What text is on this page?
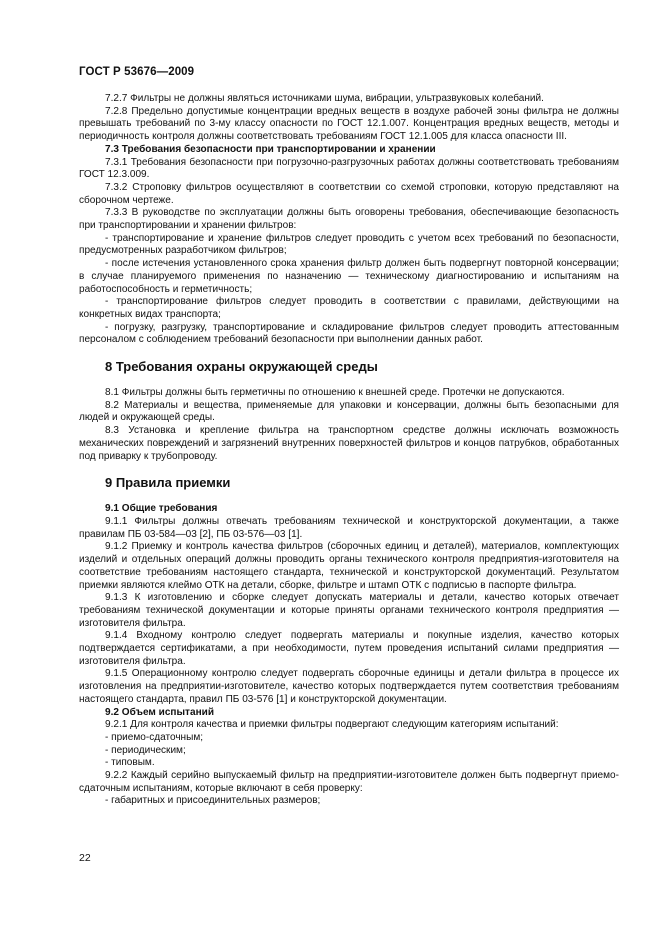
ГОСТ Р 53676—2009

7.2.7 Фильтры не должны являться источниками шума, вибрации, ультразвуковых колебаний.

7.2.8 Предельно допустимые концентрации вредных веществ в воздухе рабочей зоны фильтра не должны превышать требований по 3-му классу опасности по ГОСТ 12.1.007. Концентрация вредных веществ, методы и периодичность контроля должны соответствовать требованиям ГОСТ 12.1.005 для класса опасности III.

7.3 Требования безопасности при транспортировании и хранении

7.3.1 Требования безопасности при погрузочно-разгрузочных работах должны соответствовать требованиям ГОСТ 12.3.009.

7.3.2 Строповку фильтров осуществляют в соответствии со схемой строповки, которую представляют на сборочном чертеже.

7.3.3 В руководстве по эксплуатации должны быть оговорены требования, обеспечивающие безопасность при транспортировании и хранении фильтров:

- транспортирование и хранение фильтров следует проводить с учетом всех требований по безопасности, предусмотренных разработчиком фильтров;

- после истечения установленного срока хранения фильтр должен быть подвергнут повторной консервации; в случае планируемого применения по назначению — техническому диагностированию и испытаниям на работоспособность и герметичность;

- транспортирование фильтров следует проводить в соответствии с правилами, действующими на конкретных видах транспорта;

- погрузку, разгрузку, транспортирование и складирование фильтров следует проводить аттестованным персоналом с соблюдением требований безопасности при выполнении данных работ.

8 Требования охраны окружающей среды

8.1 Фильтры должны быть герметичны по отношению к внешней среде. Протечки не допускаются.

8.2 Материалы и вещества, применяемые для упаковки и консервации, должны быть безопасными для людей и окружающей среды.

8.3 Установка и крепление фильтра на транспортном средстве должны исключать возможность механических повреждений и загрязнений внутренних поверхностей фильтров и концов патрубков, обработанных под приварку к трубопроводу.

9 Правила приемки

9.1 Общие требования

9.1.1 Фильтры должны отвечать требованиям технической и конструкторской документации, а также правилам ПБ 03-584—03 [2], ПБ 03-576—03 [1].

9.1.2 Приемку и контроль качества фильтров (сборочных единиц и деталей), материалов, комплектующих изделий и отдельных операций должны проводить органы технического контроля предприятия-изготовителя на соответствие требованиям настоящего стандарта, технической и конструкторской документаций. Результатом приемки являются клеймо ОТК на детали, сборке, фильтре и штамп ОТК с подписью в паспорте фильтра.

9.1.3 К изготовлению и сборке следует допускать материалы и детали, качество которых отвечает требованиям технической документации и которые приняты органами технического контроля предприятия — изготовителя фильтра.

9.1.4 Входному контролю следует подвергать материалы и покупные изделия, качество которых подтверждается сертификатами, а при необходимости, путем проведения испытаний силами предприятия — изготовителя фильтра.

9.1.5 Операционному контролю следует подвергать сборочные единицы и детали фильтра в процессе их изготовления на предприятии-изготовителе, качество которых подтверждается путем соответствия требованиям настоящего стандарта, правил ПБ 03-576 [1] и конструкторской документации.

9.2 Объем испытаний

9.2.1 Для контроля качества и приемки фильтры подвергают следующим категориям испытаний:

- приемо-сдаточным;

- периодическим;

- типовым.

9.2.2 Каждый серийно выпускаемый фильтр на предприятии-изготовителе должен быть подвергнут приемо-сдаточным испытаниям, которые включают в себя проверку:

- габаритных и присоединительных размеров;

22
